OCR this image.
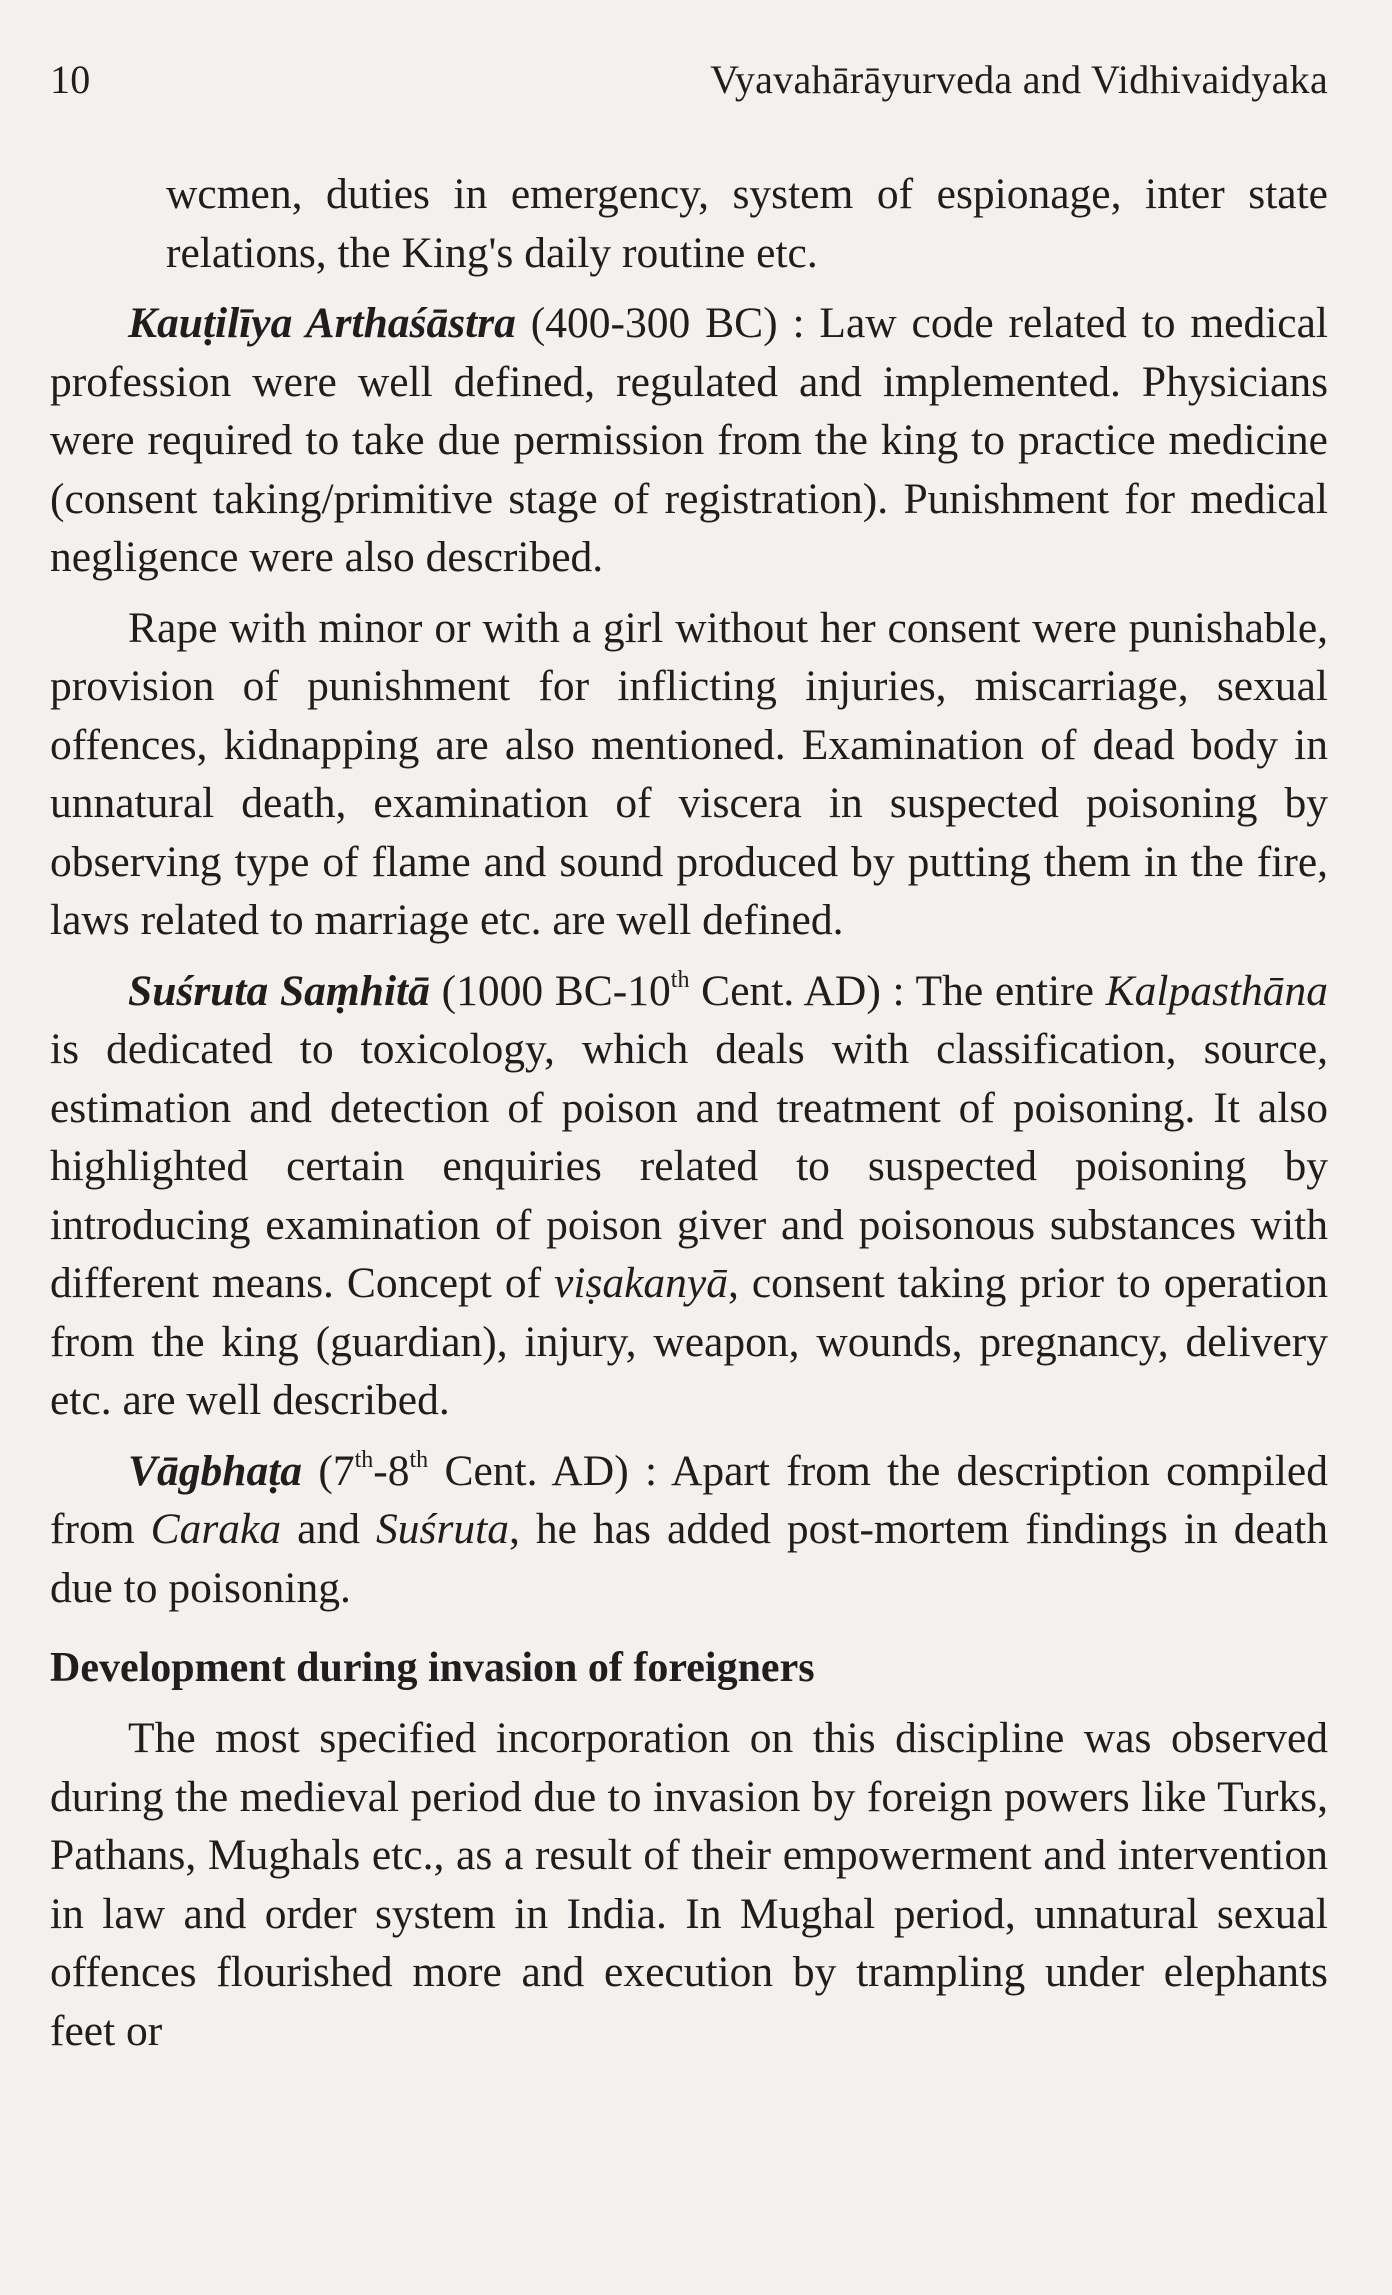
10	Vyavahārāyurveda and Vidhivaidyaka

wcmen, duties in emergency, system of espionage, inter state relations, the King's daily routine etc.

Kauṭilīya Arthaśāstra (400-300 BC) : Law code related to medical profession were well defined, regulated and implemented. Physicians were required to take due permission from the king to practice medicine (consent taking/primitive stage of registration). Punishment for medical negligence were also described.

Rape with minor or with a girl without her consent were punishable, provision of punishment for inflicting injuries, miscarriage, sexual offences, kidnapping are also mentioned. Examination of dead body in unnatural death, examination of viscera in suspected poisoning by observing type of flame and sound produced by putting them in the fire, laws related to marriage etc. are well defined.

Suśruta Saṃhitā (1000 BC-10th Cent. AD) : The entire Kalpasthāna is dedicated to toxicology, which deals with classification, source, estimation and detection of poison and treatment of poisoning. It also highlighted certain enquiries related to suspected poisoning by introducing examination of poison giver and poisonous substances with different means. Concept of viṣakanyā, consent taking prior to operation from the king (guardian), injury, weapon, wounds, pregnancy, delivery etc. are well described.

Vāgbhaṭa (7th-8th Cent. AD) : Apart from the description compiled from Caraka and Suśruta, he has added post-mortem findings in death due to poisoning.

Development during invasion of foreigners

The most specified incorporation on this discipline was observed during the medieval period due to invasion by foreign powers like Turks, Pathans, Mughals etc., as a result of their empowerment and intervention in law and order system in India. In Mughal period, unnatural sexual offences flourished more and execution by trampling under elephants feet or
